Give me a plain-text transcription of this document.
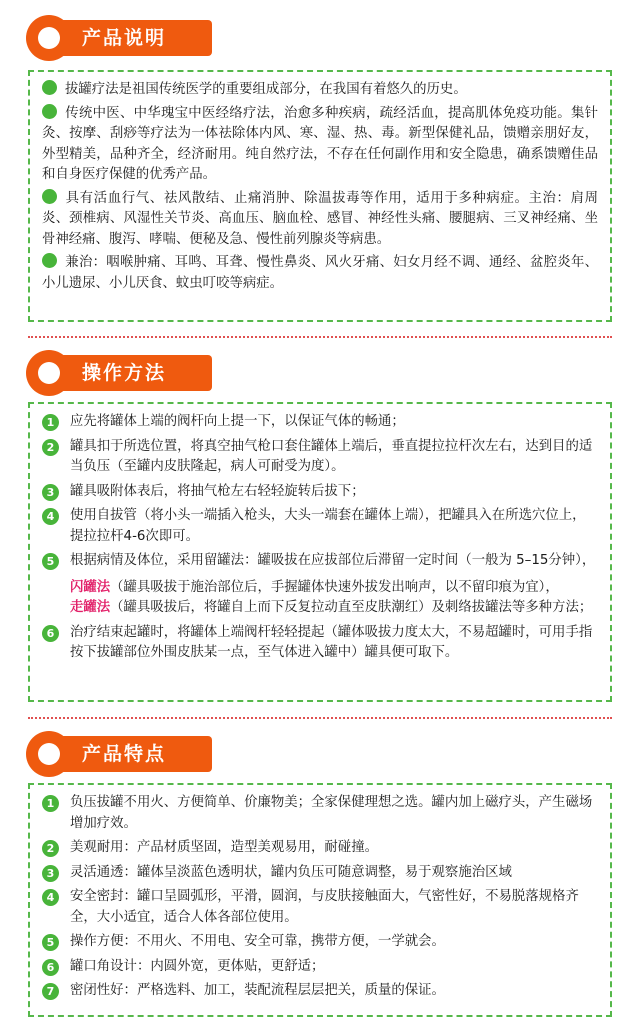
产品说明

拔罐疗法是祖国传统医学的重要组成部分，在我国有着悠久的历史。

传统中医、中华瑰宝中医经络疗法，治愈多种疾病，疏经活血，提高肌体免疫功能。集针灸、按摩、刮痧等疗法为一体祛除体内风、寒、湿、热、毒。新型保健礼品，馈赠亲朋好友，外型精美，品种齐全，经济耐用。纯自然疗法，不存在任何副作用和安全隐患，确系馈赠佳品和自身医疗保健的优秀产品。

具有活血行气、祛风散结、止痛消肿、除温拔毒等作用，适用于多种病症。主治：肩周炎、颈椎病、风湿性关节炎、高血压、脑血栓、感冒、神经性头痛、腰腿病、三叉神经痛、坐骨神经痛、腹泻、哮喘、便秘及急、慢性前列腺炎等病患。

兼治：咽喉肿痛、耳鸣、耳聋、慢性鼻炎、风火牙痛、妇女月经不调、通经、盆腔炎年、小儿遗尿、小儿厌食、蚊虫叮咬等病症。

操作方法
1	应先将罐体上端的阀杆向上提一下，以保证气体的畅通；
2	罐具扣于所选位置，将真空抽气枪口套住罐体上端后，垂直提拉拉杆次左右，达到目的适当负压（至罐内皮肤隆起，病人可耐受为度）。
3	罐具吸附体表后，将抽气枪左右轻轻旋转后拔下；
4	使用自拔管（将小头一端插入枪头，大头一端套在罐体上端），把罐具入在所选穴位上，提拉拉杆4-6次即可。
5	根据病情及体位，采用留罐法：罐吸拔在应拔部位后滞留一定时间（一般为 5–15分钟），
闪罐法（罐具吸拔于施治部位后，手握罐体快速外拔发出响声，以不留印痕为宜），
走罐法（罐具吸拔后，将罐自上而下反复拉动直至皮肤潮红）及刺络拔罐法等多种方法；
6	治疗结束起罐时，将罐体上端阀杆轻轻提起（罐体吸拔力度太大，不易超罐时，可用手指按下拔罐部位外围皮肤某一点，至气体进入罐中）罐具便可取下。
产品特点
1	负压拔罐不用火、方便简单、价廉物美；全家保健理想之选。罐内加上磁疗头，产生磁场增加疗效。
2	美观耐用：产品材质坚固，造型美观易用，耐碰撞。
3	灵活通透：罐体呈淡蓝色透明状，罐内负压可随意调整，易于观察施治区域
4	安全密封：罐口呈圆弧形，平滑，圆润，与皮肤接触面大，气密性好，不易脱落规格齐全，大小适宜，适合人体各部位使用。
5	操作方便：不用火、不用电、安全可靠，携带方便，一学就会。
6	罐口角设计：内圆外宽，更体贴，更舒适；
7	密闭性好：严格选料、加工，装配流程层层把关，质量的保证。
